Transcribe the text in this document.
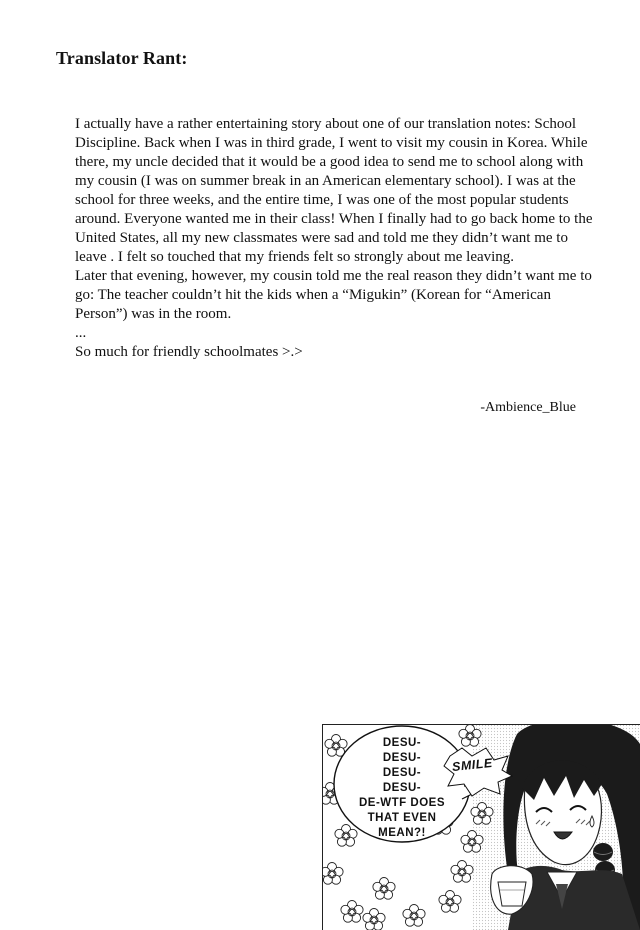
Translator Rant:

I actually have a rather entertaining story about one of our translation notes: School Discipline. Back when I was in third grade, I went to visit my cousin in Korea. While there, my uncle decided that it would be a good idea to send me to school along with my cousin (I was on summer break in an American elementary school). I was at the school for three weeks, and the entire time, I was one of the most popular students around. Everyone wanted me in their class! When I finally had to go back home to the United States, all my new classmates were sad and told me they didn’t want me to leave . I felt so touched that my friends felt so strongly about me leaving.

Later that evening, however, my cousin told me the real reason they didn’t want me to go: The teacher couldn’t hit the kids when a “Migukin” (Korean for “American Person”) was in the room.

...

So much for friendly schoolmates >.>

-Ambience_Blue
DESU-
DESU-
DESU-
DESU-
DE-WTF DOES
THAT EVEN
MEAN?!
SMILE
